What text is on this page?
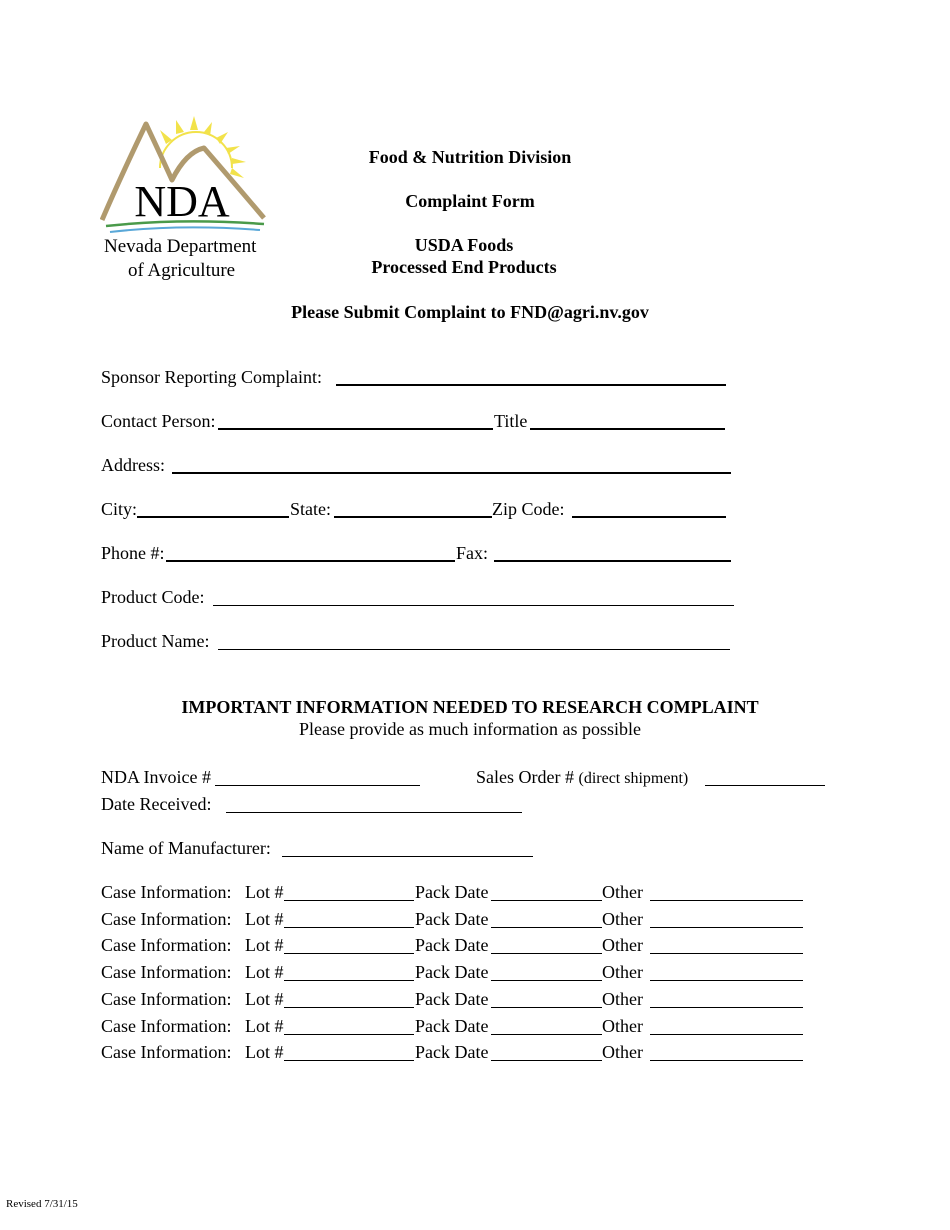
NDA
Nevada Department
of Agriculture
Food & Nutrition Division
Complaint Form
USDA Foods
Processed End Products
Please Submit Complaint to FND@agri.nv.gov
Sponsor Reporting Complaint:
Contact Person:	Title
Address:
City:	State:	Zip Code:
Phone #:	Fax:
Product Code:
Product Name:
IMPORTANT INFORMATION NEEDED TO RESEARCH COMPLAINT
Please provide as much information as possible
NDA Invoice #	Sales Order # (direct shipment)
Date Received:
Name of Manufacturer:
Case Information: Lot #	Pack Date	Other
Case Information: Lot #	Pack Date	Other
Case Information: Lot #	Pack Date	Other
Case Information: Lot #	Pack Date	Other
Case Information: Lot #	Pack Date	Other
Case Information: Lot #	Pack Date	Other
Case Information: Lot #	Pack Date	Other
Revised 7/31/15
